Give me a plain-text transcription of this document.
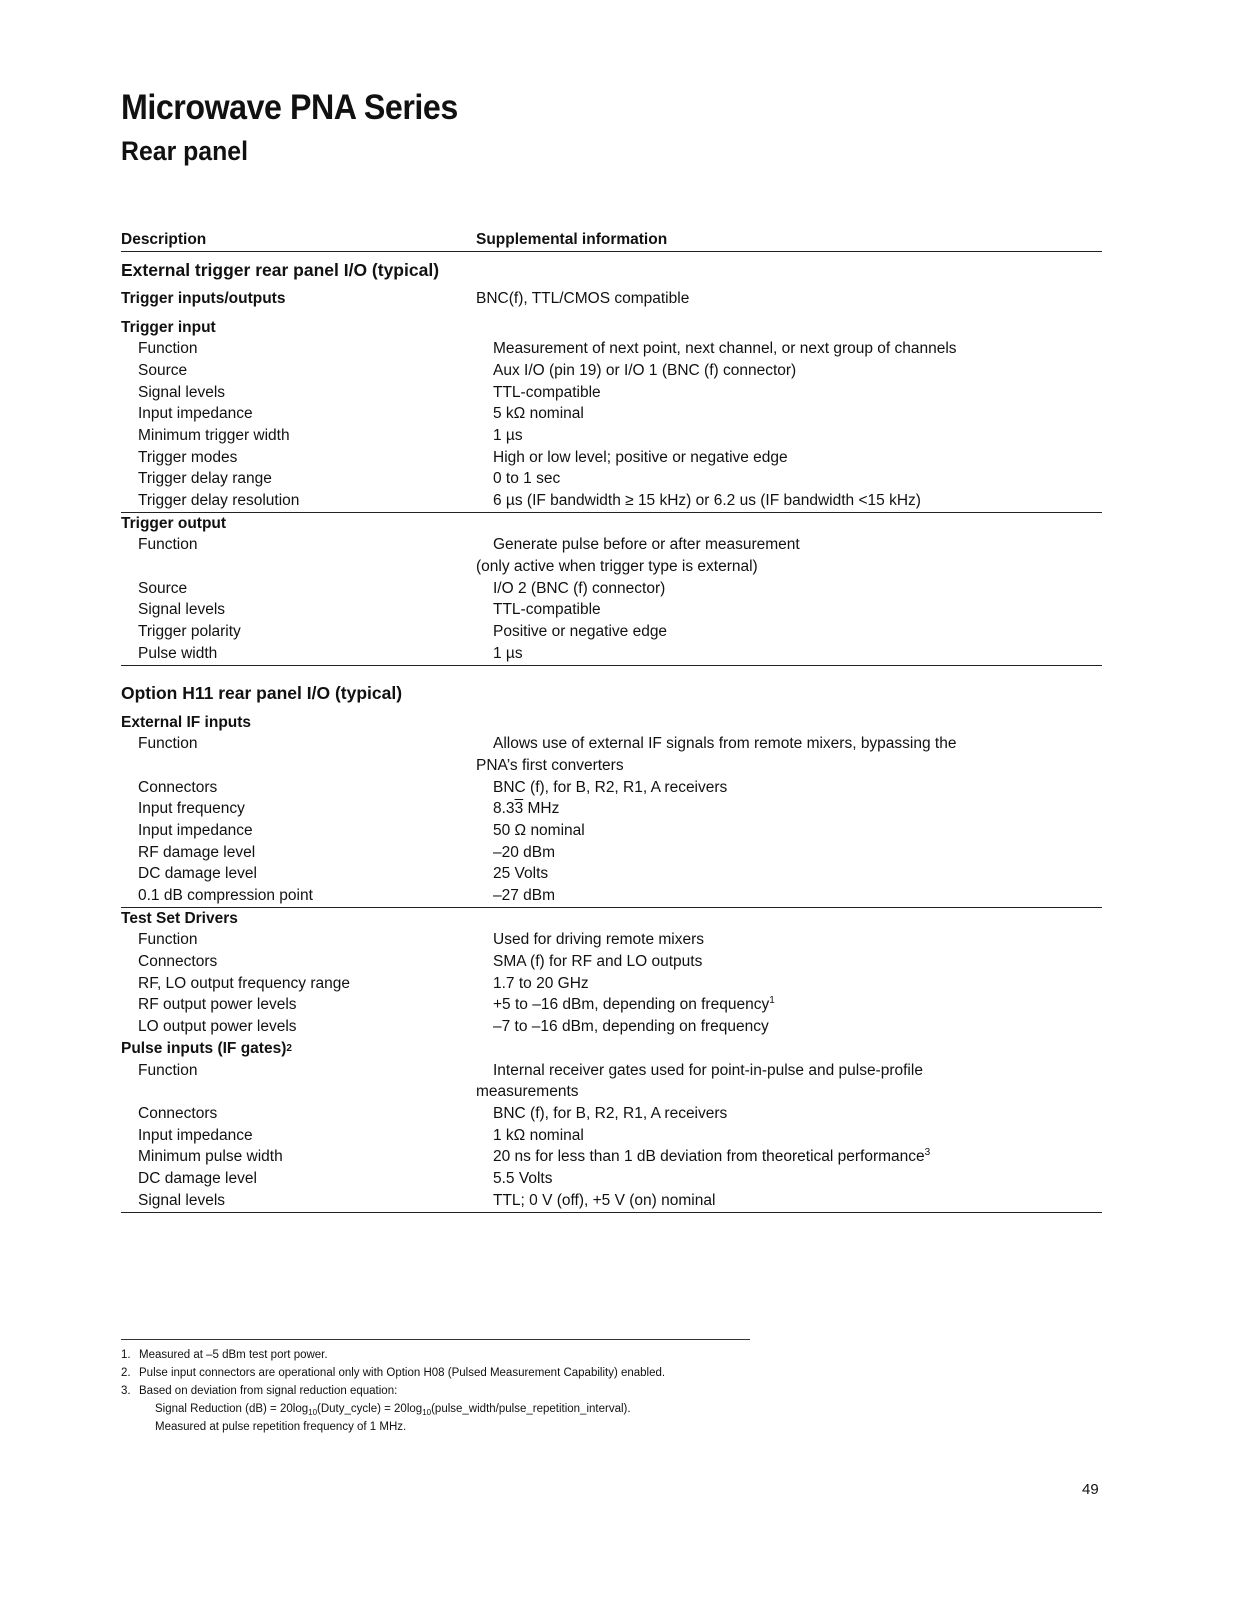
Microwave PNA Series
Rear panel
Description	Supplemental information
External trigger rear panel I/O (typical)
Trigger inputs/outputs	BNC(f), TTL/CMOS compatible
Trigger input
Function	Measurement of next point, next channel, or next group of channels
Source	Aux I/O (pin 19) or I/O 1 (BNC (f) connector)
Signal levels	TTL-compatible
Input impedance	5 kΩ nominal
Minimum trigger width	1 µs
Trigger modes	High or low level; positive or negative edge
Trigger delay range	0 to 1 sec
Trigger delay resolution	6 µs (IF bandwidth ≥ 15 kHz) or 6.2 us (IF bandwidth <15 kHz)
Trigger output
Function	Generate pulse before or after measurement
(only active when trigger type is external)
Source	I/O 2 (BNC (f) connector)
Signal levels	TTL-compatible
Trigger polarity	Positive or negative edge
Pulse width	1 µs
Option H11 rear panel I/O (typical)
External IF inputs
Function	Allows use of external IF signals from remote mixers, bypassing the
PNA’s first converters
Connectors	BNC (f), for B, R2, R1, A receivers
Input frequency	8.33 MHz
Input impedance	50 Ω nominal
RF damage level	–20 dBm
DC damage level	25 Volts
0.1 dB compression point	–27 dBm
Test Set Drivers
Function	Used for driving remote mixers
Connectors	SMA (f) for RF and LO outputs
RF, LO output frequency range	1.7 to 20 GHz
RF output power levels	+5 to –16 dBm, depending on frequency$^1$
LO output power levels	–7 to –16 dBm, depending on frequency
Pulse inputs (IF gates) 2
Function	Internal receiver gates used for point-in-pulse and pulse-profile
measurements
Connectors	BNC (f), for B, R2, R1, A receivers
Input impedance	1 kΩ nominal
Minimum pulse width	20 ns for less than 1 dB deviation from theoretical performance$^3$
DC damage level	5.5 Volts
Signal levels	TTL; 0 V (off), +5 V (on) nominal
1. Measured at –5 dBm test port power.
2. Pulse input connectors are operational only with Option H08 (Pulsed Measurement Capability) enabled.
3. Based on deviation from signal reduction equation:
Signal Reduction $(dB) = 20\log_{10}(Duty\_cycle)$ = $20\log_{10}(pulse\_width/pulse\_repetition\_interval)$.
Measured at pulse repetition frequency of 1 MHz.
49
